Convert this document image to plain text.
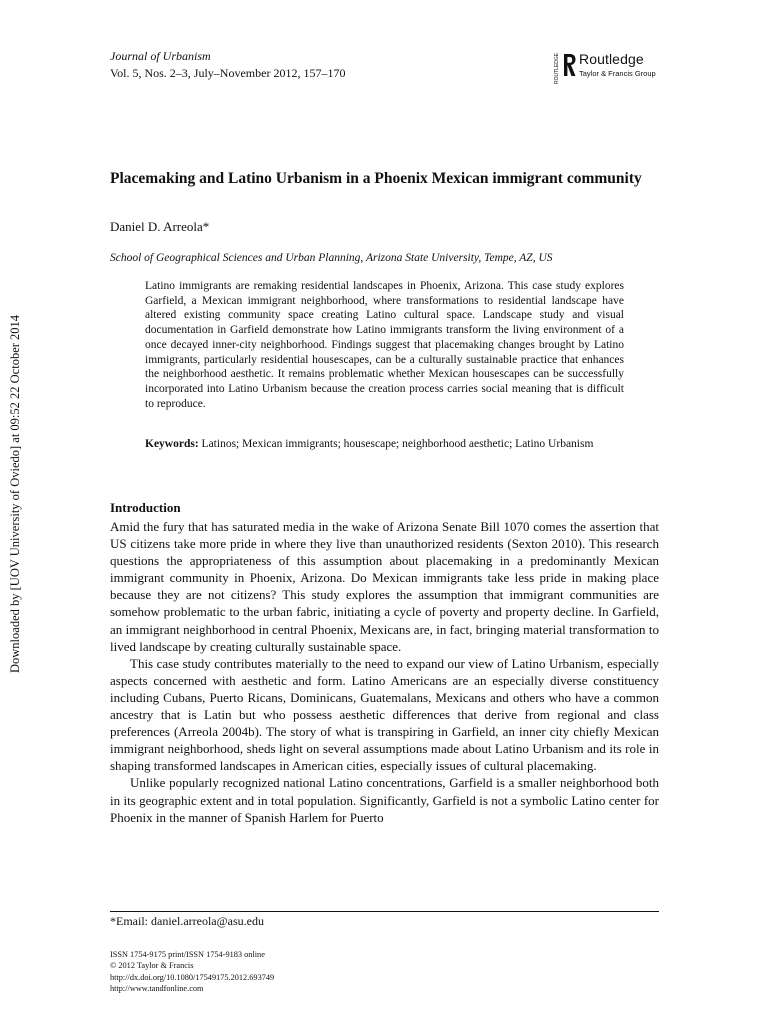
Journal of Urbanism
Vol. 5, Nos. 2–3, July–November 2012, 157–170	ROUTLEDGE Routledge
Taylor & Francis Group
Downloaded by [UOV University of Oviedo] at 09:52 22 October 2014
Placemaking and Latino Urbanism in a Phoenix Mexican immigrant community
Daniel D. Arreola*
School of Geographical Sciences and Urban Planning, Arizona State University, Tempe, AZ, US

Latino immigrants are remaking residential landscapes in Phoenix, Arizona. This case study explores Garfield, a Mexican immigrant neighborhood, where transformations to residential landscape have altered existing community space creating Latino cultural space. Landscape study and visual documentation in Garfield demonstrate how Latino immigrants transform the living environment of a once decayed inner-city neighborhood. Findings suggest that placemaking changes brought by Latino immigrants, particularly residential housescapes, can be a culturally sustainable practice that enhances the neighborhood aesthetic. It remains problematic whether Mexican housescapes can be successfully incorporated into Latino Urbanism because the creation process carries social meaning that is difficult to reproduce.

Keywords: Latinos; Mexican immigrants; housescape; neighborhood aesthetic; Latino Urbanism

Introduction

Amid the fury that has saturated media in the wake of Arizona Senate Bill 1070 comes the assertion that US citizens take more pride in where they live than unauthorized residents (Sexton 2010). This research questions the appropriateness of this assumption about placemaking in a predominantly Mexican immigrant community in Phoenix, Arizona. Do Mexican immigrants take less pride in making place because they are not citizens? This study explores the assumption that immigrant communities are somehow problematic to the urban fabric, initiating a cycle of poverty and property decline. In Garfield, an immigrant neighborhood in central Phoenix, Mexicans are, in fact, bringing material transformation to lived landscape by creating culturally sustainable space.

This case study contributes materially to the need to expand our view of Latino Urbanism, especially aspects concerned with aesthetic and form. Latino Americans are an especially diverse constituency including Cubans, Puerto Ricans, Dominicans, Guatemalans, Mexicans and others who have a common ancestry that is Latin but who possess aesthetic differences that derive from regional and class preferences (Arreola 2004b). The story of what is transpiring in Garfield, an inner city chiefly Mexican immigrant neighborhood, sheds light on several assumptions made about Latino Urbanism and its role in shaping transformed landscapes in American cities, especially issues of cultural placemaking.

Unlike popularly recognized national Latino concentrations, Garfield is a smaller neighborhood both in its geographic extent and in total population. Significantly, Garfield is not a symbolic Latino center for Phoenix in the manner of Spanish Harlem for Puerto

*Email: daniel.arreola@asu.edu
ISSN 1754-9175 print/ISSN 1754-9183 online
© 2012 Taylor & Francis
http://dx.doi.org/10.1080/17549175.2012.693749
http://www.tandfonline.com
